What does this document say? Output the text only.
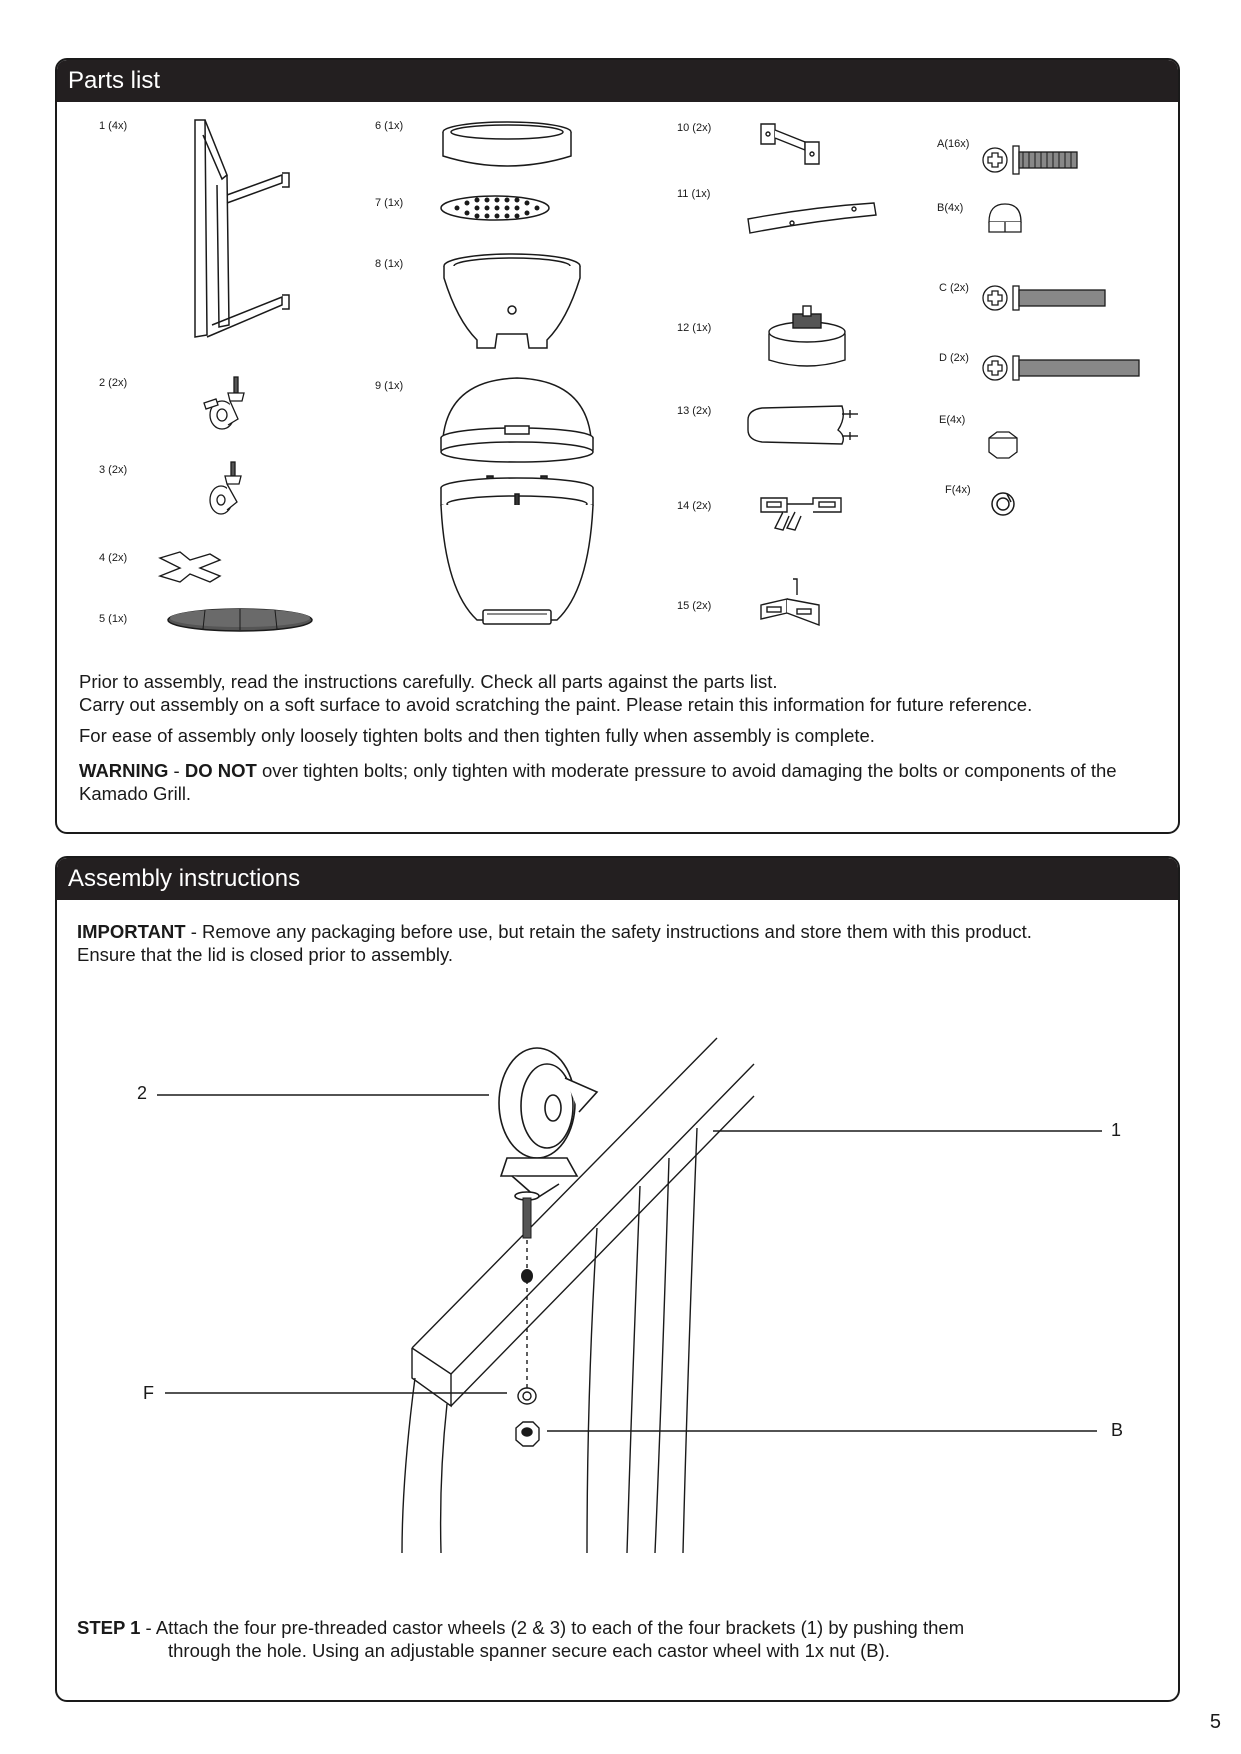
Parts list
1 (4x)
2 (2x)
3 (2x)
4 (2x)
5 (1x)
6 (1x)
7 (1x)
8 (1x)
9 (1x)
10 (2x)
11 (1x)
12 (1x)
13 (2x)
14 (2x)
15 (2x)
A(16x)
B(4x)
C (2x)
D (2x)
E(4x)
F(4x)

Prior to assembly, read the instructions carefully. Check all parts against the parts list.

Carry out assembly on a soft surface to avoid scratching the paint. Please retain this information for future reference.

For ease of assembly only loosely tighten bolts and then tighten fully when assembly is complete.

WARNING - DO NOT over tighten bolts; only tighten with moderate pressure to avoid damaging the bolts or components of the Kamado Grill.

Assembly instructions

IMPORTANT - Remove any packaging before use, but retain the safety instructions and store them with this product.

Ensure that the lid is closed prior to assembly.

2
1
F
B

STEP 1 - Attach the four pre-threaded castor wheels (2 & 3) to each of the four brackets (1) by pushing them

through the hole. Using an adjustable spanner secure each castor wheel with 1x nut (B).

5
